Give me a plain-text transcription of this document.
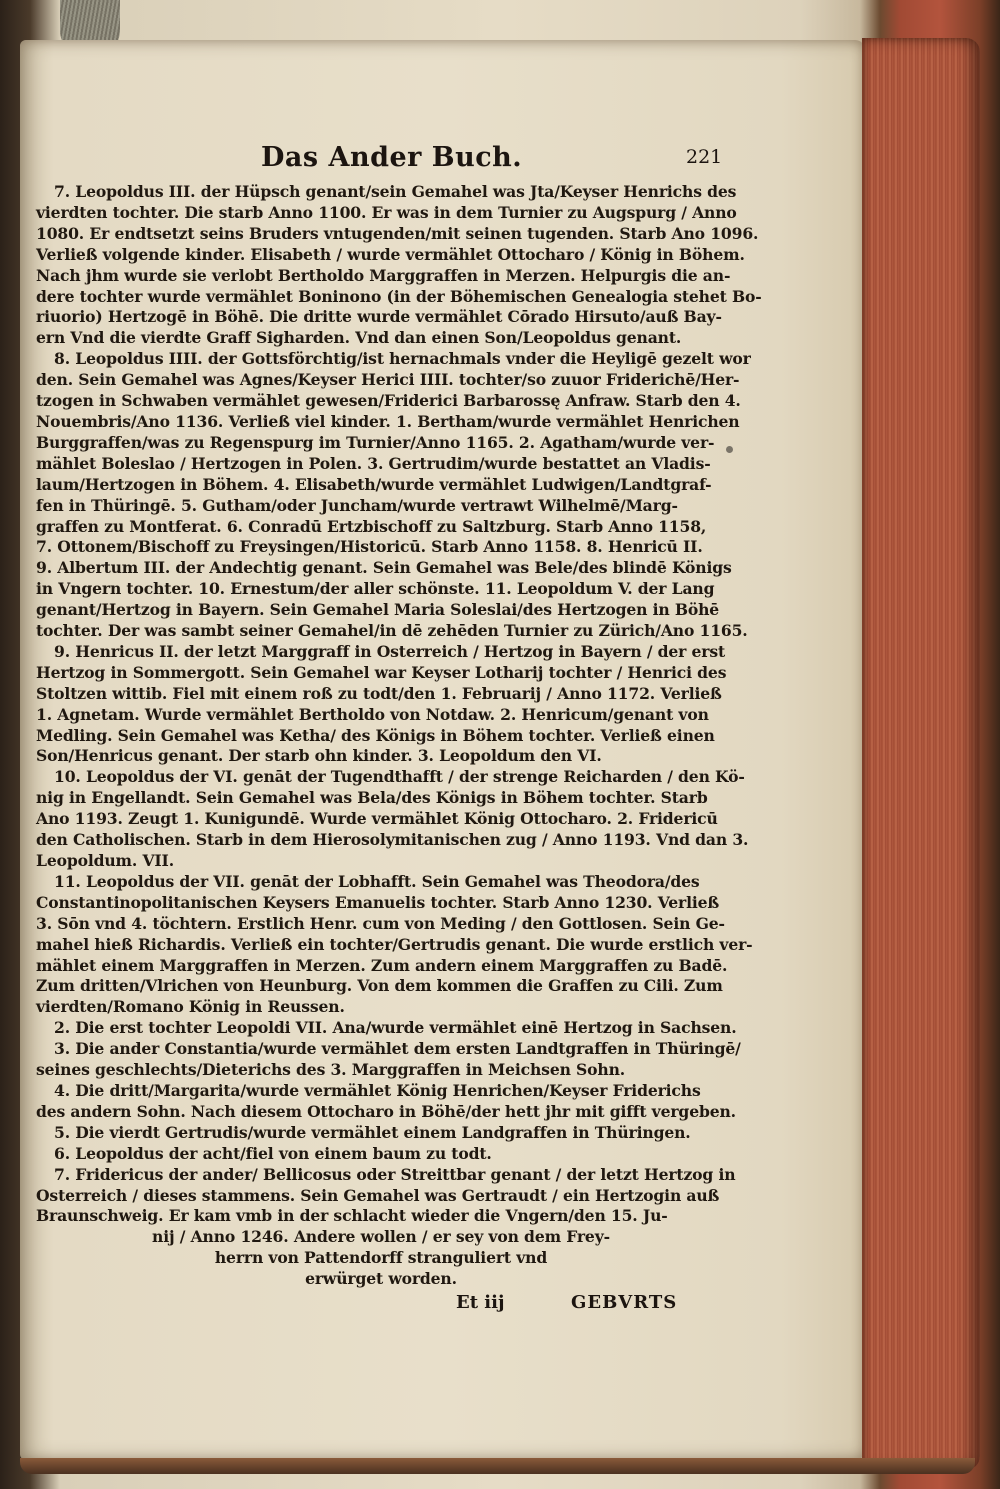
Das Ander Buch.	221
7. Leopoldus III. der Hüpsch genant/sein Gemahel was Jta/Keyser Henrichs des
vierdten tochter. Die starb Anno 1100. Er was in dem Turnier zu Augspurg / Anno
1080. Er endtsetzt seins Bruders vntugenden/mit seinen tugenden. Starb Ano 1096.
Verließ volgende kinder. Elisabeth / wurde vermählet Ottocharo / König in Böhem.
Nach jhm wurde sie verlobt Bertholdo Marggraffen in Merzen. Helpurgis die an-
dere tochter wurde vermählet Boninono (in der Böhemischen Genealogia stehet Bo-
riuorio) Hertzogē in Böhē. Die dritte wurde vermählet Cōrado Hirsuto/auß Bay-
ern Vnd die vierdte Graff Sigharden. Vnd dan einen Son/Leopoldus genant.
8. Leopoldus IIII. der Gottsförchtig/ist hernachmals vnder die Heyligē gezelt wor
den. Sein Gemahel was Agnes/Keyser Herici IIII. tochter/so zuuor Friderichē/Her-
tzogen in Schwaben vermählet gewesen/Friderici Barbarossę Anfraw. Starb den 4.
Nouembris/Ano 1136. Verließ viel kinder. 1. Bertham/wurde vermählet Henrichen
Burggraffen/was zu Regenspurg im Turnier/Anno 1165. 2. Agatham/wurde ver-
mählet Boleslao / Hertzogen in Polen. 3. Gertrudim/wurde bestattet an Vladis-
laum/Hertzogen in Böhem. 4. Elisabeth/wurde vermählet Ludwigen/Landtgraf-
fen in Thüringē. 5. Gutham/oder Juncham/wurde vertrawt Wilhelmē/Marg-
graffen zu Montferat. 6. Conradū Ertzbischoff zu Saltzburg. Starb Anno 1158,
7. Ottonem/Bischoff zu Freysingen/Historicū. Starb Anno 1158. 8. Henricū II.
9. Albertum III. der Andechtig genant. Sein Gemahel was Bele/des blindē Königs
in Vngern tochter. 10. Ernestum/der aller schönste. 11. Leopoldum V. der Lang
genant/Hertzog in Bayern. Sein Gemahel Maria Soleslai/des Hertzogen in Böhē
tochter. Der was sambt seiner Gemahel/in dē zehēden Turnier zu Zürich/Ano 1165.
9. Henricus II. der letzt Marggraff in Osterreich / Hertzog in Bayern / der erst
Hertzog in Sommergott. Sein Gemahel war Keyser Lotharij tochter / Henrici des
Stoltzen wittib. Fiel mit einem roß zu todt/den 1. Februarij / Anno 1172. Verließ
1. Agnetam. Wurde vermählet Bertholdo von Notdaw. 2. Henricum/genant von
Medling. Sein Gemahel was Ketha/ des Königs in Böhem tochter. Verließ einen
Son/Henricus genant. Der starb ohn kinder. 3. Leopoldum den VI.
10. Leopoldus der VI. genāt der Tugendthafft / der strenge Reicharden / den Kö-
nig in Engellandt. Sein Gemahel was Bela/des Königs in Böhem tochter. Starb
Ano 1193. Zeugt 1. Kunigundē. Wurde vermählet König Ottocharo. 2. Fridericū
den Catholischen. Starb in dem Hierosolymitanischen zug / Anno 1193. Vnd dan 3.
Leopoldum. VII.
11. Leopoldus der VII. genāt der Lobhafft. Sein Gemahel was Theodora/des
Constantinopolitanischen Keysers Emanuelis tochter. Starb Anno 1230. Verließ
3. Sōn vnd 4. töchtern. Erstlich Henr. cum von Meding / den Gottlosen. Sein Ge-
mahel hieß Richardis. Verließ ein tochter/Gertrudis genant. Die wurde erstlich ver-
mählet einem Marggraffen in Merzen. Zum andern einem Marggraffen zu Badē.
Zum dritten/Vlrichen von Heunburg. Von dem kommen die Graffen zu Cili. Zum
vierdten/Romano König in Reussen.
2. Die erst tochter Leopoldi VII. Ana/wurde vermählet einē Hertzog in Sachsen.
3. Die ander Constantia/wurde vermählet dem ersten Landtgraffen in Thüringē/
seines geschlechts/Dieterichs des 3. Marggraffen in Meichsen Sohn.
4. Die dritt/Margarita/wurde vermählet König Henrichen/Keyser Friderichs
des andern Sohn. Nach diesem Ottocharo in Böhē/der hett jhr mit gifft vergeben.
5. Die vierdt Gertrudis/wurde vermählet einem Landgraffen in Thüringen.
6. Leopoldus der acht/fiel von einem baum zu todt.
7. Fridericus der ander/ Bellicosus oder Streittbar genant / der letzt Hertzog in
Osterreich / dieses stammens. Sein Gemahel was Gertraudt / ein Hertzogin auß
Braunschweig. Er kam vmb in der schlacht wieder die Vngern/den 15. Ju-
nij / Anno 1246. Andere wollen / er sey von dem Frey-
herrn von Pattendorff stranguliert vnd
erwürget worden.
Et iij	GEBVRTS
